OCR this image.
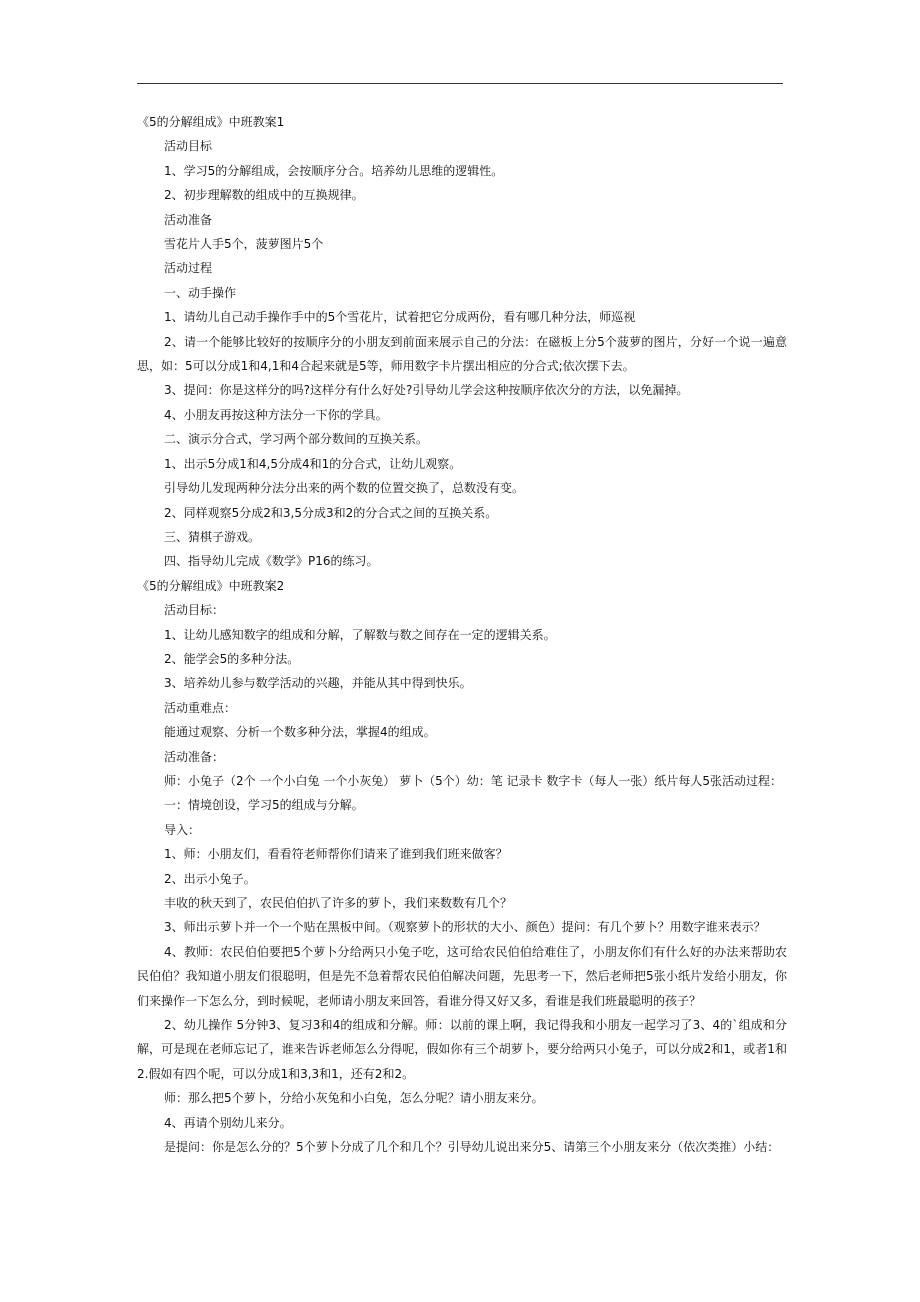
《5的分解组成》中班教案1
活动目标
1、学习5的分解组成，会按顺序分合。培养幼儿思维的逻辑性。
2、初步理解数的组成中的互换规律。
活动准备
雪花片人手5个，菠萝图片5个
活动过程
一、动手操作
1、请幼儿自己动手操作手中的5个雪花片，试着把它分成两份，看有哪几种分法，师巡视
2、请一个能够比较好的按顺序分的小朋友到前面来展示自己的分法：在磁板上分5个菠萝的图片，分好一个说一遍意思，如：5可以分成1和4,1和4合起来就是5等，师用数字卡片摆出相应的分合式;依次摆下去。
3、提问：你是这样分的吗?这样分有什么好处?引导幼儿学会这种按顺序依次分的方法，以免漏掉。
4、小朋友再按这种方法分一下你的学具。
二、演示分合式，学习两个部分数间的互换关系。
1、出示5分成1和4,5分成4和1的分合式，让幼儿观察。
引导幼儿发现两种分法分出来的两个数的位置交换了，总数没有变。
2、同样观察5分成2和3,5分成3和2的分合式之间的互换关系。
三、猜棋子游戏。
四、指导幼儿完成《数学》P16的练习。
《5的分解组成》中班教案2
活动目标：
1、让幼儿感知数字的组成和分解，了解数与数之间存在一定的逻辑关系。
2、能学会5的多种分法。
3、培养幼儿参与数学活动的兴趣，并能从其中得到快乐。
活动重难点：
能通过观察、分析一个数多种分法，掌握4的组成。
活动准备：
师：小兔子（2个 一个小白兔 一个小灰兔） 萝卜（5个）幼：笔 记录卡 数字卡（每人一张）纸片每人5张活动过程：
一：情境创设，学习5的组成与分解。
导入：
1、师：小朋友们，看看符老师帮你们请来了谁到我们班来做客？
2、出示小兔子。
丰收的秋天到了，农民伯伯扒了许多的萝卜，我们来数数有几个？
3、师出示萝卜并一个一个贴在黑板中间。（观察萝卜的形状的大小、颜色）提问：有几个萝卜？用数字谁来表示？
4、教师：农民伯伯要把5个萝卜分给两只小兔子吃，这可给农民伯伯给难住了，小朋友你们有什么好的办法来帮助农民伯伯？我知道小朋友们很聪明，但是先不急着帮农民伯伯解决问题，先思考一下，然后老师把5张小纸片发给小朋友，你们来操作一下怎么分，到时候呢，老师请小朋友来回答，看谁分得又好又多，看谁是我们班最聪明的孩子？
2、幼儿操作 5分钟3、复习3和4的组成和分解。师：以前的课上啊，我记得我和小朋友一起学习了3、4的`组成和分解，可是现在老师忘记了，谁来告诉老师怎么分得呢，假如你有三个胡萝卜，要分给两只小兔子，可以分成2和1，或者1和2.假如有四个呢，可以分成1和3,3和1，还有2和2。
师：那么把5个萝卜，分给小灰兔和小白兔，怎么分呢？请小朋友来分。
4、再请个别幼儿来分。
是提问：你是怎么分的？5个萝卜分成了几个和几个？引导幼儿说出来分5、请第三个小朋友来分（依次类推）小结：
